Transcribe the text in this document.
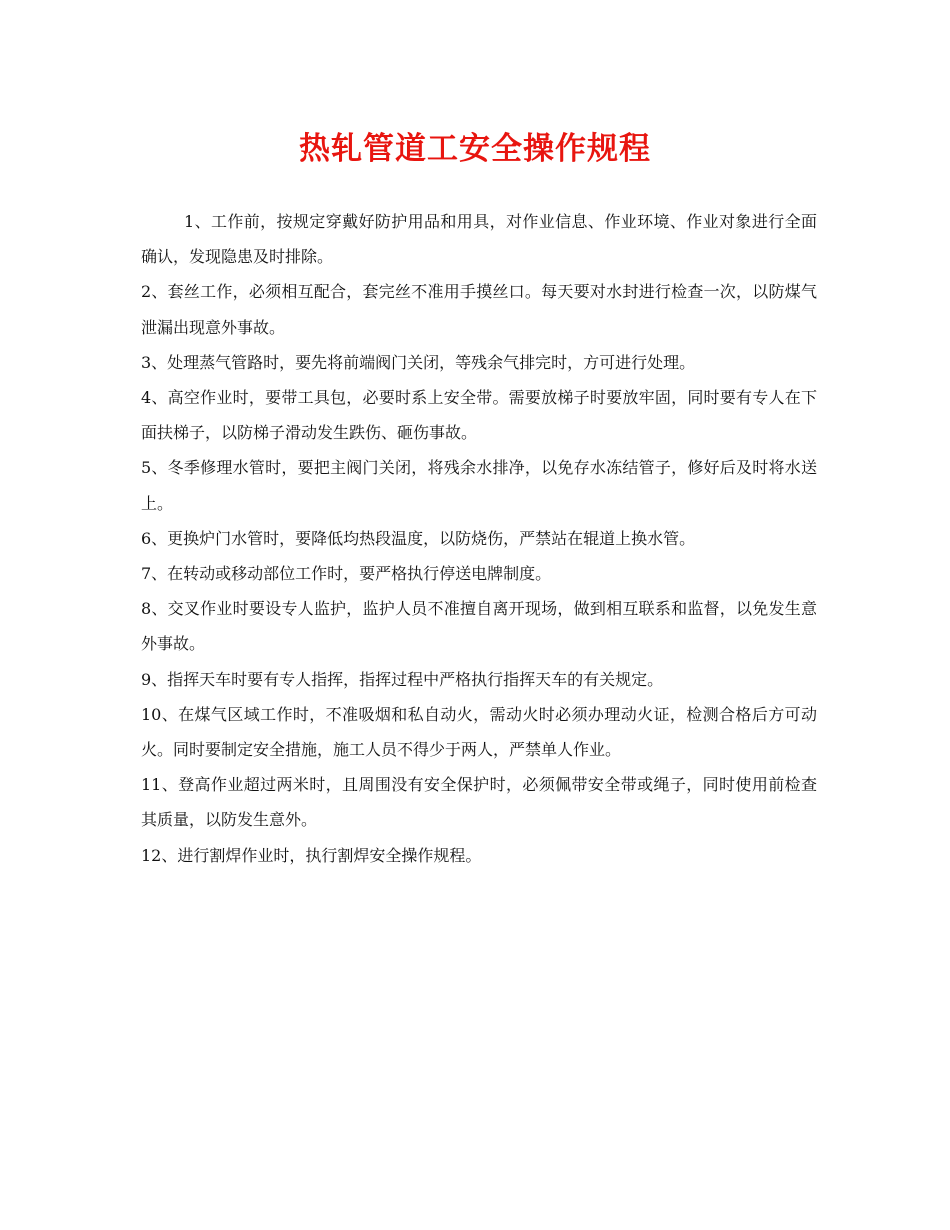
热轧管道工安全操作规程

1、工作前，按规定穿戴好防护用品和用具，对作业信息、作业环境、作业对象进行全面确认，发现隐患及时排除。

2、套丝工作，必须相互配合，套完丝不准用手摸丝口。每天要对水封进行检查一次，以防煤气泄漏出现意外事故。

3、处理蒸气管路时，要先将前端阀门关闭，等残余气排完时，方可进行处理。

4、高空作业时，要带工具包，必要时系上安全带。需要放梯子时要放牢固，同时要有专人在下面扶梯子，以防梯子滑动发生跌伤、砸伤事故。

5、冬季修理水管时，要把主阀门关闭，将残余水排净，以免存水冻结管子，修好后及时将水送上。

6、更换炉门水管时，要降低均热段温度，以防烧伤，严禁站在辊道上换水管。

7、在转动或移动部位工作时，要严格执行停送电牌制度。

8、交叉作业时要设专人监护，监护人员不准擅自离开现场，做到相互联系和监督，以免发生意外事故。

9、指挥天车时要有专人指挥，指挥过程中严格执行指挥天车的有关规定。

10、在煤气区域工作时，不准吸烟和私自动火，需动火时必须办理动火证，检测合格后方可动火。同时要制定安全措施，施工人员不得少于两人，严禁单人作业。

11、登高作业超过两米时，且周围没有安全保护时，必须佩带安全带或绳子，同时使用前检查其质量，以防发生意外。

12、进行割焊作业时，执行割焊安全操作规程。
